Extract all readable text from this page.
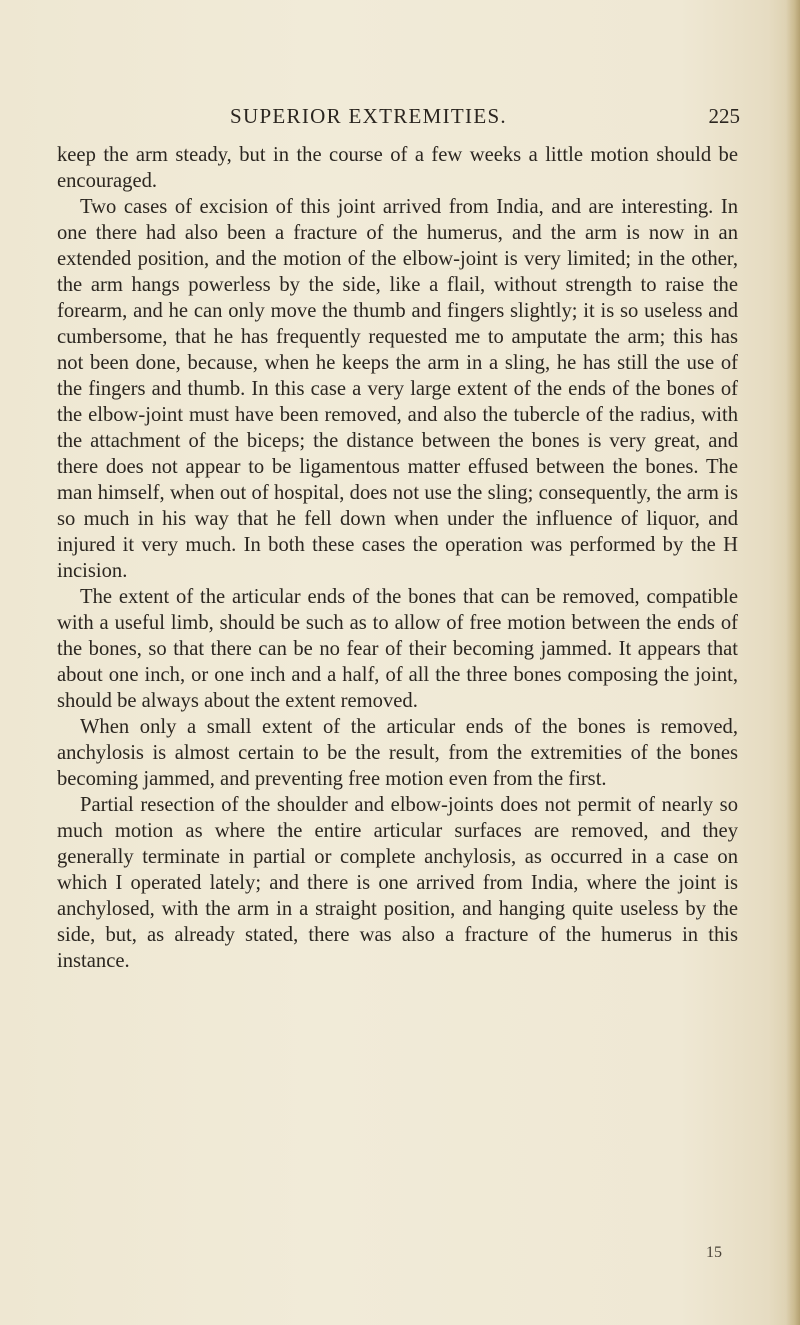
SUPERIOR EXTREMITIES.	225

keep the arm steady, but in the course of a few weeks a little motion should be encouraged.

Two cases of excision of this joint arrived from India, and are interesting. In one there had also been a fracture of the humerus, and the arm is now in an extended position, and the motion of the elbow-joint is very limited; in the other, the arm hangs powerless by the side, like a flail, without strength to raise the forearm, and he can only move the thumb and fingers slightly; it is so useless and cumbersome, that he has frequently requested me to amputate the arm; this has not been done, because, when he keeps the arm in a sling, he has still the use of the fingers and thumb. In this case a very large extent of the ends of the bones of the elbow-joint must have been removed, and also the tubercle of the radius, with the attachment of the biceps; the distance between the bones is very great, and there does not appear to be ligamentous matter effused between the bones. The man himself, when out of hospital, does not use the sling; consequently, the arm is so much in his way that he fell down when under the influence of liquor, and injured it very much. In both these cases the operation was performed by the H incision.

The extent of the articular ends of the bones that can be removed, compatible with a useful limb, should be such as to allow of free motion between the ends of the bones, so that there can be no fear of their becoming jammed. It appears that about one inch, or one inch and a half, of all the three bones composing the joint, should be always about the extent removed.

When only a small extent of the articular ends of the bones is removed, anchylosis is almost certain to be the result, from the extremities of the bones becoming jammed, and preventing free motion even from the first.

Partial resection of the shoulder and elbow-joints does not permit of nearly so much motion as where the entire articular surfaces are removed, and they generally terminate in partial or complete anchylosis, as occurred in a case on which I operated lately; and there is one arrived from India, where the joint is anchylosed, with the arm in a straight position, and hanging quite useless by the side, but, as already stated, there was also a fracture of the humerus in this instance.

15
